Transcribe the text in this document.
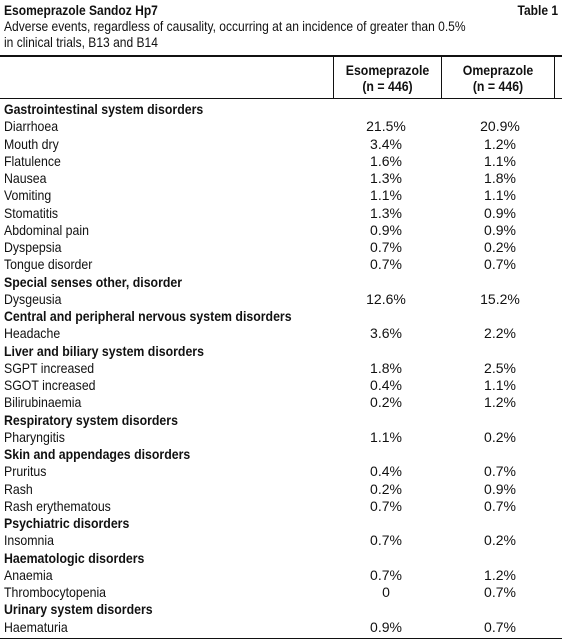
Esomeprazole Sandoz Hp7	Table 1
Adverse events, regardless of causality, occurring at an incidence of greater than 0.5%
in clinical trials, B13 and B14
Esomeprazole
(n = 446)
Omeprazole
(n = 446)
Gastrointestinal system disorders
Diarrhoea	21.5%	20.9%
Mouth dry	3.4%	1.2%
Flatulence	1.6%	1.1%
Nausea	1.3%	1.8%
Vomiting	1.1%	1.1%
Stomatitis	1.3%	0.9%
Abdominal pain	0.9%	0.9%
Dyspepsia	0.7%	0.2%
Tongue disorder	0.7%	0.7%
Special senses other, disorder
Dysgeusia	12.6%	15.2%
Central and peripheral nervous system disorders
Headache	3.6%	2.2%
Liver and biliary system disorders
SGPT increased	1.8%	2.5%
SGOT increased	0.4%	1.1%
Bilirubinaemia	0.2%	1.2%
Respiratory system disorders
Pharyngitis	1.1%	0.2%
Skin and appendages disorders
Pruritus	0.4%	0.7%
Rash	0.2%	0.9%
Rash erythematous	0.7%	0.7%
Psychiatric disorders
Insomnia	0.7%	0.2%
Haematologic disorders
Anaemia	0.7%	1.2%
Thrombocytopenia	0	0.7%
Urinary system disorders
Haematuria	0.9%	0.7%
